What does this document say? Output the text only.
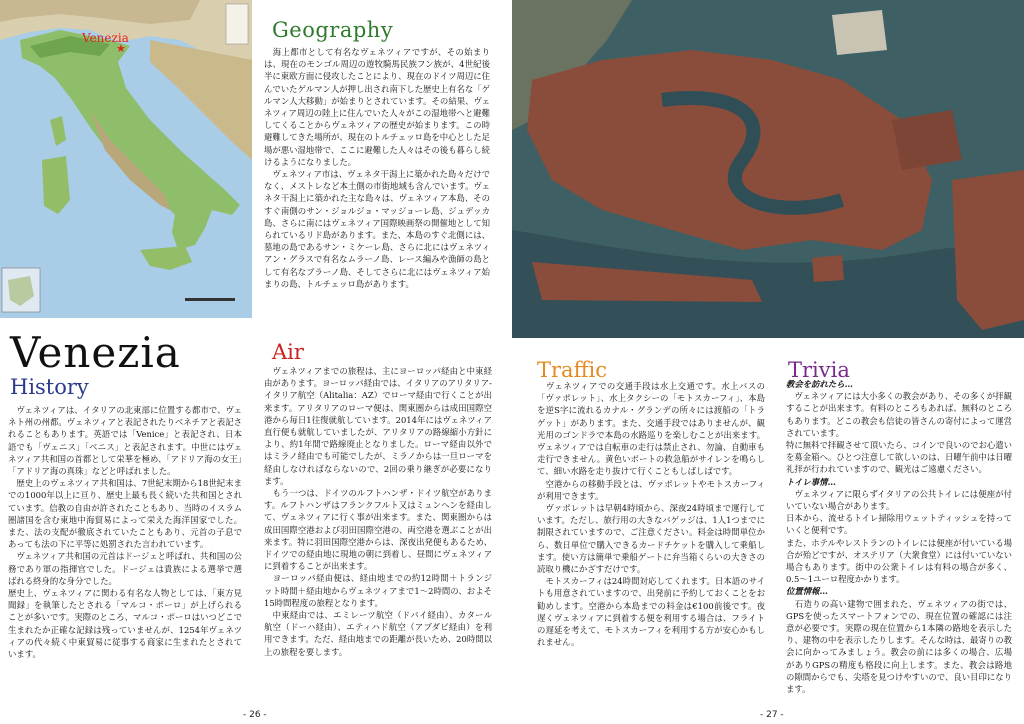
★
Venezia	Geography
Venezia	Air
History
Traffic	Trivia

　海上都市として有名なヴェネツィアですが、その始まりは、現在のモンゴル周辺の遊牧騎馬民族フン族が、4世紀後半に東欧方面に侵攻したことにより、現在のドイツ周辺に住んでいたゲルマン人が押し出され南下した歴史上有名な「ゲルマン人大移動」が始まりとされています。その結果、ヴェネツィア周辺の陸上に住んでいた人々がこの湿地帯へと避難してくることからヴェネツィアの歴史が始まります。この時避難してきた場所が、現在のトルチェッロ島を中心とした足場が悪い湿地帯で、ここに避難した人々はその後も暮らし続けるようになりました。
　ヴェネツィア市は、ヴェネタ干潟上に築かれた島々だけでなく、メストレなど本土側の市街地域も含んでいます。ヴェネタ干潟上に築かれた主な島々は、ヴェネツィア本島、そのすぐ南側のサン・ジョルジョ・マッジョーレ島、ジュデッカ島、さらに南にはヴェネツィア国際映画祭の開催地として知られているリド島があります。また、本島のすぐ北側には、墓地の島であるサン・ミケーレ島、さらに北にはヴェネツィアン・グラスで有名なムラーノ島、レース編みや漁師の島として有名なブラーノ島、そしてさらに北にはヴェネツィア始まりの島、トルチェッロ島があります。

　ヴェネツィアまでの旅程は、主にヨーロッパ経由と中東経由があります。ヨーロッパ経由では、イタリアのアリタリア-イタリア航空（Alitalia：AZ）でローマ経由で行くことが出来ます。アリタリアのローマ便は、関東圏からは成田国際空港から毎日1往復就航しています。2014年にはヴェネツィア直行便も就航していましたが、アリタリアの路線縮小方針により、約1年間で路線廃止となりました。ローマ経由以外ではミラノ経由でも可能でしたが、ミラノからは一旦ローマを経由しなければならないので、2回の乗り継ぎが必要になります。
　もう一つは、ドイツのルフトハンザ・ドイツ航空があります。ルフトハンザはフランクフルト又はミュンヘンを経由して、ヴェネツィアに行く事が出来ます。また、関東圏からは成田国際空港および羽田国際空港の、両空港を選ぶことが出来ます。特に羽田国際空港からは、深夜出発便もあるため、ドイツでの経由地に現地の朝に到着し、昼間にヴェネツィアに到着することが出来ます。
　ヨーロッパ経由便は、経由地までの約12時間＋トランジット時間＋経由地からヴェネツィアまで1〜2時間の、およそ15時間程度の旅程となります。
　中東経由では、エミレーツ航空（ドバイ経由）、カタール航空（ドーハ経由）、エティハド航空（アブダビ経由）を利用できます。ただ、経由地までの距離が長いため、20時間以上の旅程を要します。

　ヴェネツィアは、イタリアの北東部に位置する都市で、ヴェネト州の州都。ヴェネツィアと表記されたりベネチアと表記されることもあります。英語では「Venice」と表記され、日本語でも「ヴェニス」「ベニス」と表記されます。中世にはヴェネツィア共和国の首都として栄華を極め、「アドリア海の女王」「アドリア海の真珠」などと呼ばれました。
　歴史上のヴェネツィア共和国は、7世紀末期から18世紀末までの1000年以上に亘り、歴史上最も長く続いた共和国とされています。信教の自由が許されたこともあり、当時のイスラム圏諸国を含む東地中海貿易によって栄えた海洋国家でした。また、法の支配が徹底されていたこともあり、元首の子息であっても法の下に平等に処罰された言われています。
　ヴェネツィア共和国の元首はドージェと呼ばれ、共和国の公務であり軍の指揮官でした。ドージェは貴族による選挙で選ばれる終身的な身分でした。
歴史上、ヴェネツィアに関わる有名な人物としては、「東方見聞録」を執筆したとされる「マルコ・ポーロ」が上げられることが多いです。実際のところ、マルコ・ポーロはいつどこで生まれたか正確な記録は残っていませんが、1254年ヴェネツィアの代々続く中東貿易に従事する商家に生まれたとされています。

　ヴェネツィアでの交通手段は水上交通です。水上バスの「ヴァポレット」、水上タクシーの「モトスカーフィ」、本島を逆S字に流れるカナル・グランデの所々には渡船の「トラゲット」があります。また、交通手段ではありませんが、観光用のゴンドラで本島の水路巡りを楽しむことが出来ます。ヴェネツィアでは自転車の走行は禁止され、勿論、自動車も走行できません。黄色いボートの救急船がサイレンを鳴らして、細い水路を走り抜けて行くこともしばしばです。
　空港からの移動手段とは、ヴァポレットやモトスカーフィが利用できます。
　ヴァポレットは早朝4時頃から、深夜24時頃まで運行しています。ただし、旅行用の大きなバゲッジは、1人1つまでに制限されていますので、ご注意ください。料金は時間単位から、数日単位で購入できるカードチケットを購入して乗船します。使い方は簡単で乗船ゲートに弁当箱くらいの大きさの読取り機にかざすだけです。
　モトスカーフィは24時間対応してくれます。日本語のサイトも用意されていますので、出発前に予約しておくことをお勧めします。空港から本島までの料金は€100前後です。夜遅くヴェネツィアに到着する便を利用する場合は、フライトの遅延を考えて、モトスカーフィを利用する方が安心かもしれません。

教会を訪れたら…
　ヴェネツィアには大小多くの教会があり、その多くが拝観することが出来ます。有料のところもあれば、無料のところもあります。どこの教会も信徒の皆さんの寄付によって運営されています。
特に無料で拝観させて頂いたら、コインで良いのでお心遣いを募金箱へ。ひとつ注意して欲しいのは、日曜午前中は日曜礼拝が行われていますので、観光はご遠慮ください。
トイレ事情…
　ヴェネツィアに限らずイタリアの公共トイレには便座が付いていない場合があります。
日本から、流せるトイレ掃除用ウェットティッシュを持っていくと便利です。
また、ホテルやレストランのトイレには便座が付いている場合が殆どですが、オステリア（大衆食堂）には付いていない場合もあります。街中の公衆トイレは有料の場合が多く、0.5〜1ユーロ程度かかります。
位置情報…
　石造りの高い建物で囲まれた、ヴェネツィアの街では、GPSを使ったスマートフォンでの、現在位置の確認には注意が必要です。実際の現在位置から1本隣の路地を表示したり、建物の中を表示したりします。そんな時は、最寄りの教会に向かってみましょう。教会の前には多くの場合、広場がありGPSの精度も格段に向上します。また、教会は路地の隙間からでも、尖塔を見つけやすいので、良い目印になります。
- 26 -	- 27 -
